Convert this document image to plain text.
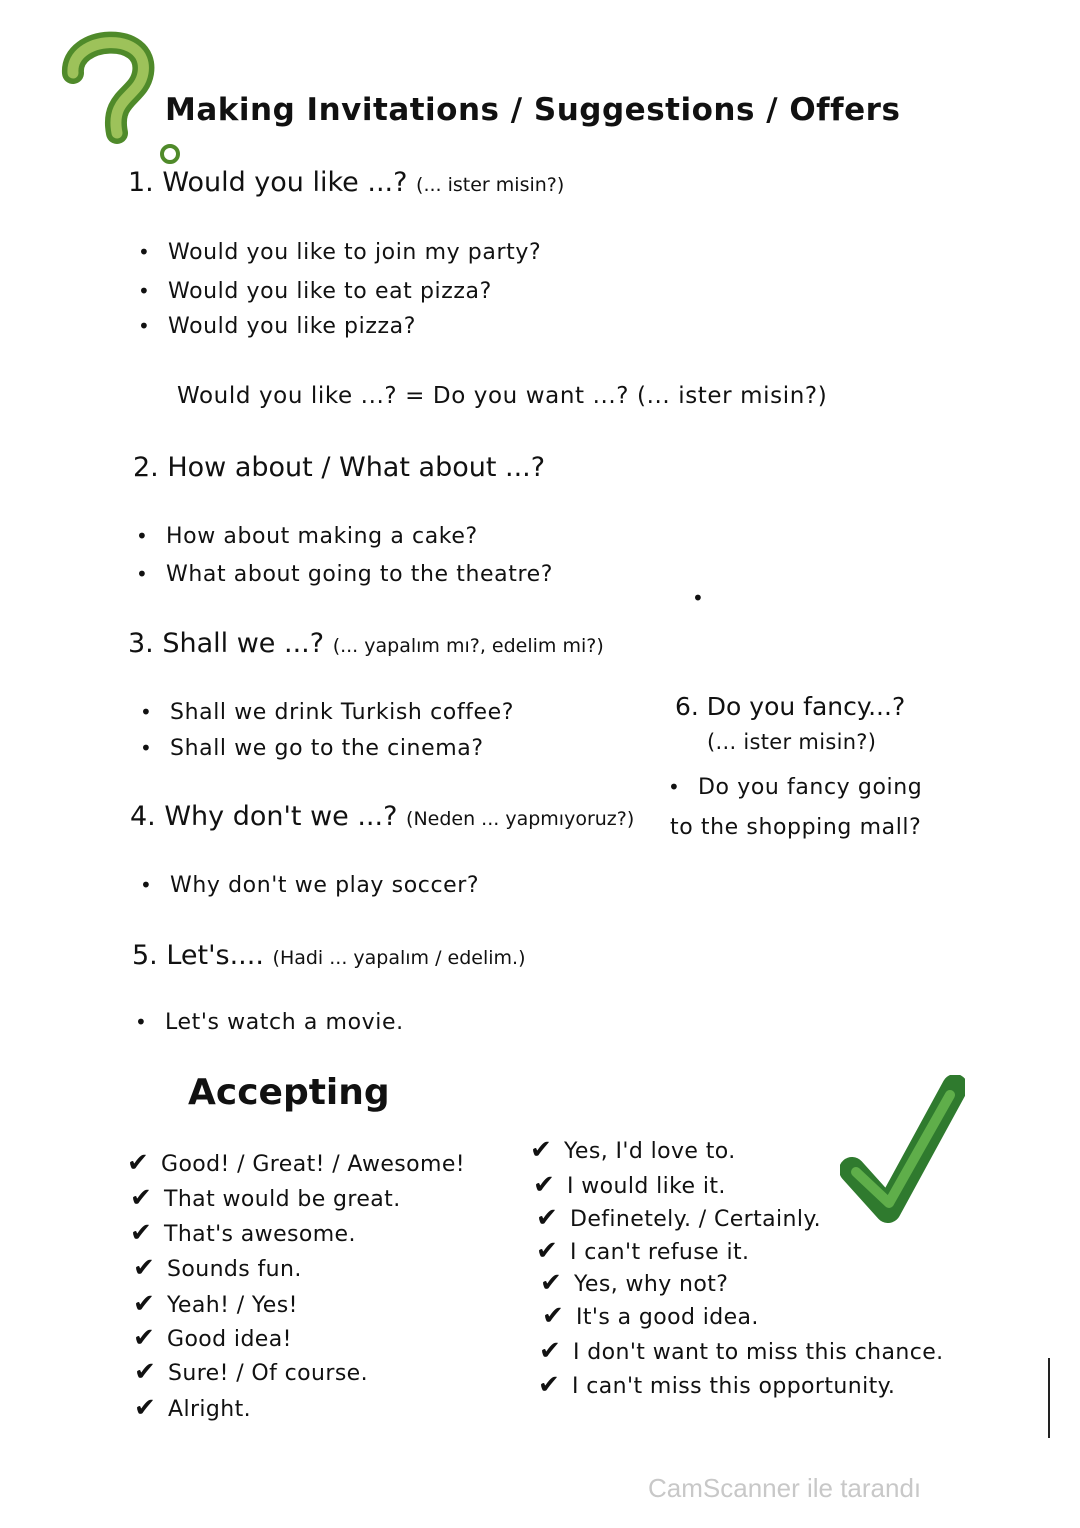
Making Invitations / Suggestions / Offers
1. Would you like ...? (... ister misin?)
• Would you like to join my party?
• Would you like to eat pizza?
• Would you like pizza?
Would you like ...? = Do you want ...? (... ister misin?)
2. How about / What about ...?
• How about making a cake?
• What about going to the theatre?
3. Shall we ...? (... yapalım mı?, edelim mi?)
• Shall we drink Turkish coffee?
• Shall we go to the cinema?
6. Do you fancy...?
(... ister misin?)
• Do you fancy going
to the shopping mall?
4. Why don't we ...? (Neden ... yapmıyoruz?)
• Why don't we play soccer?
5. Let's.... (Hadi ... yapalım / edelim.)
• Let's watch a movie.
Accepting
✔ Good! / Great! / Awesome!
✔ That would be great.
✔ That's awesome.
✔ Sounds fun.
✔ Yeah! / Yes!
✔ Good idea!
✔ Sure! / Of course.
✔ Alright.
✔ Yes, I'd love to.
✔ I would like it.
✔ Definetely. / Certainly.
✔ I can't refuse it.
✔ Yes, why not?
✔ It's a good idea.
✔ I don't want to miss this chance.
✔ I can't miss this opportunity.
CamScanner ile tarandı
